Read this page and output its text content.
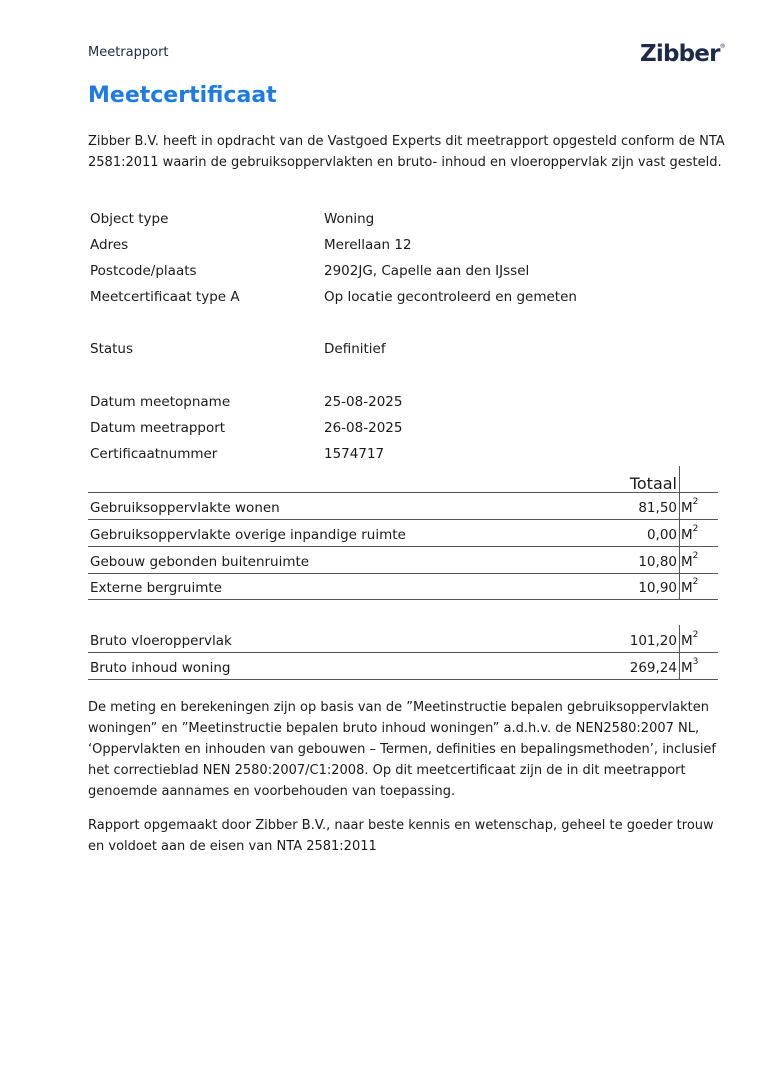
Meetrapport	Zibber®
Meetcertificaat

Zibber B.V. heeft in opdracht van de Vastgoed Experts dit meetrapport opgesteld conform de NTA 2581:2011 waarin de gebruiksoppervlakten en bruto- inhoud en vloeroppervlak zijn vast gesteld.

Object type	Woning
Adres	Merellaan 12
Postcode/plaats	2902JG, Capelle aan den IJssel
Meetcertificaat type A	Op locatie gecontroleerd en gemeten
Status	Definitief
Datum meetopname	25-08-2025
Datum meetrapport	26-08-2025
Certificaatnummer	1574717
Totaal
Gebruiksoppervlakte wonen	81,50 $M^2$
Gebruiksoppervlakte overige inpandige ruimte	0,00 $M^2$
Gebouw gebonden buitenruimte	10,80 $M^2$
Externe bergruimte	10,90 $M^2$
Bruto vloeroppervlak	101,20 $M^2$
Bruto inhoud woning	269,24 $M^3$

De meting en berekeningen zijn op basis van de ”Meetinstructie bepalen gebruiksoppervlakten woningen” en ”Meetinstructie bepalen bruto inhoud woningen” a.d.h.v. de NEN2580:2007 NL, ‘Oppervlakten en inhouden van gebouwen – Termen, definities en bepalingsmethoden’, inclusief het correctieblad NEN 2580:2007/C1:2008. Op dit meetcertificaat zijn de in dit meetrapport genoemde aannames en voorbehouden van toepassing.

Rapport opgemaakt door Zibber B.V., naar beste kennis en wetenschap, geheel te goeder trouw en voldoet aan de eisen van NTA 2581:2011
